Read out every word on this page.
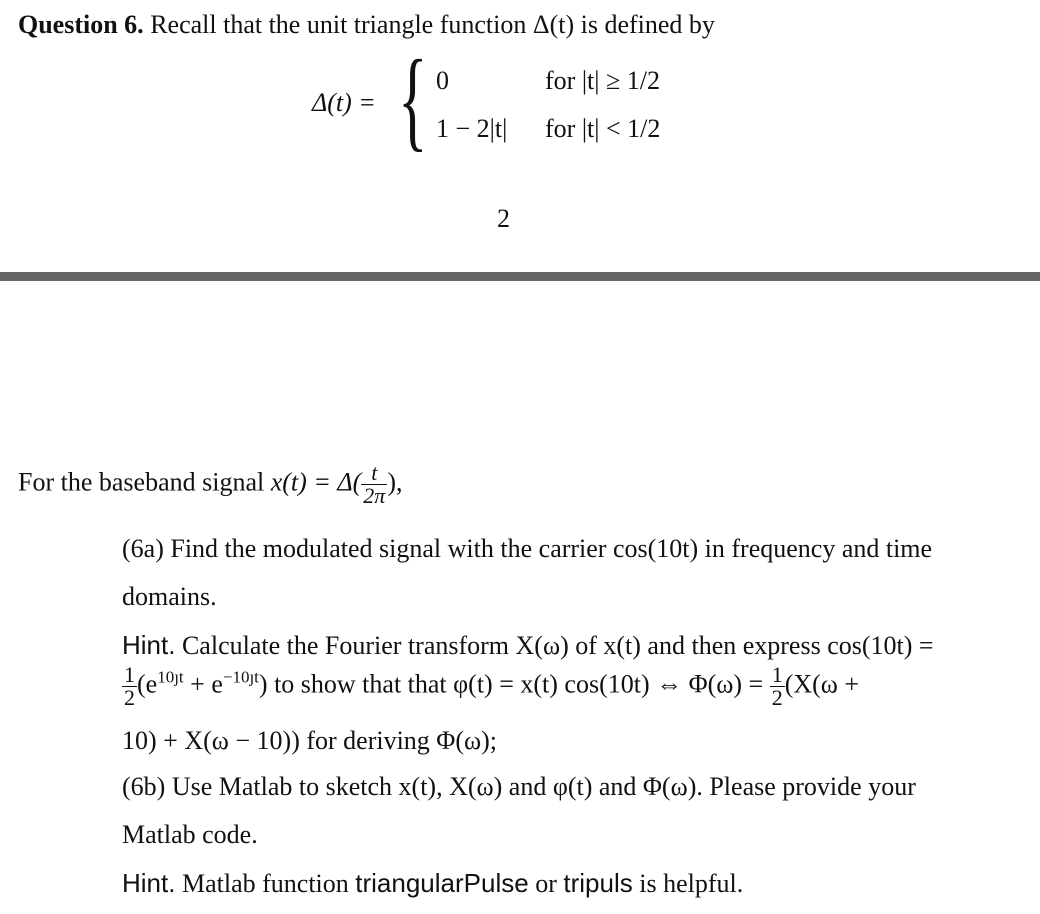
Question 6. Recall that the unit triangle function Δ(t) is defined by
Δ(t) = { 0	for |t| ≥ 1/2
1 − 2|t| for |t| < 1/2
2
For the baseband signal $x(t) = \Delta( \frac{t}{2\pi}$ ),
(6a) Find the modulated signal with the carrier cos(10t) in frequency and time
domains.
Hint. Calculate the Fourier transform X(ω) of x(t) and then express cos(10t) =
$\frac{1}{2} (e^{10ȷt} + e^{-10ȷt})$ to show that that φ(t) = x(t) cos(10t) ⇔ $\Phi(\omega) = \frac{1}{2} (X(\omega$ +
10) + X(ω − 10)) for deriving Φ(ω);
(6b) Use Matlab to sketch x(t), X(ω) and φ(t) and Φ(ω). Please provide your
Matlab code.
Hint. Matlab function triangularPulse or tripuls is helpful.
